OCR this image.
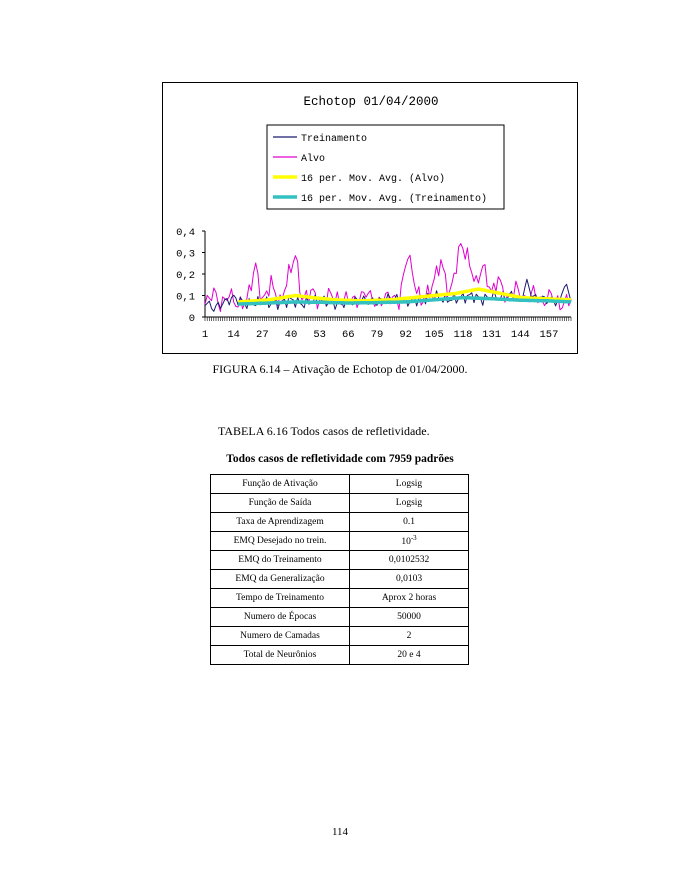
Echotop 01/04/2000
Treinamento
Alvo
16 per. Mov. Avg. (Alvo)
16 per. Mov. Avg. (Treinamento)
0,4
0,3
0,2
0,1
0
1 14 27 40 53 66 79 92 105 118 131 144 157
FIGURA 6.14 – Ativação de Echotop de 01/04/2000.
TABELA 6.16 Todos casos de refletividade.
Todos casos de refletividade com 7959 padrões
Função de Ativação	Logsig
Função de Saída	Logsig
Taxa de Aprendizagem	0.1
EMQ Desejado no trein.	$10^{-3}$
EMQ do Treinamento	0,0102532
EMQ da Generalização	0,0103
Tempo de Treinamento	Aprox 2 horas
Numero de Épocas	50000
Numero de Camadas	2
Total de Neurônios	20 e 4
114
